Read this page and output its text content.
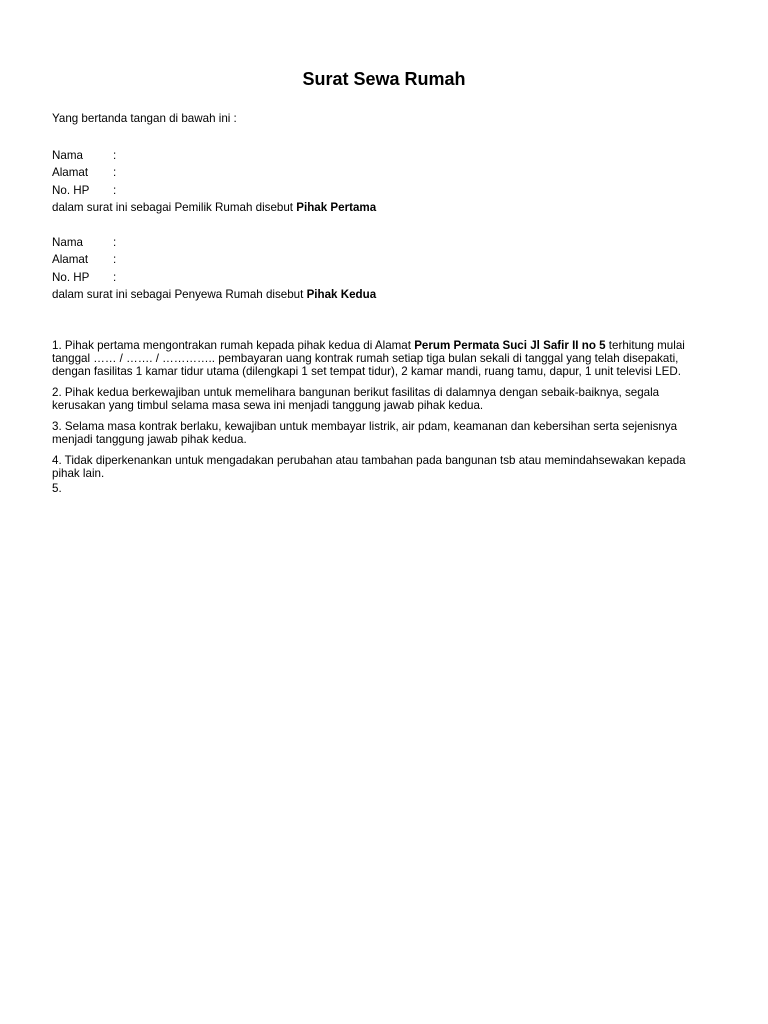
Surat Sewa Rumah
Yang bertanda tangan di bawah ini :
Nama	:
Alamat :
No. HP :
dalam surat ini sebagai Pemilik Rumah disebut Pihak Pertama
Nama	:
Alamat :
No. HP :
dalam surat ini sebagai Penyewa Rumah disebut Pihak Kedua

1. Pihak pertama mengontrakan rumah kepada pihak kedua di Alamat Perum Permata Suci Jl Safir II no 5 terhitung mulai tanggal …… / ……. / ………….. pembayaran uang kontrak rumah setiap tiga bulan sekali di tanggal yang telah disepakati, dengan fasilitas 1 kamar tidur utama (dilengkapi 1 set tempat tidur), 2 kamar mandi, ruang tamu, dapur, 1 unit televisi LED.

2. Pihak kedua berkewajiban untuk memelihara bangunan berikut fasilitas di dalamnya dengan sebaik-baiknya, segala kerusakan yang timbul selama masa sewa ini menjadi tanggung jawab pihak kedua.

3. Selama masa kontrak berlaku, kewajiban untuk membayar listrik, air pdam, keamanan dan kebersihan serta sejenisnya menjadi tanggung jawab pihak kedua.

4. Tidak diperkenankan untuk mengadakan perubahan atau tambahan pada bangunan tsb atau memindahsewakan kepada pihak lain.

5.
